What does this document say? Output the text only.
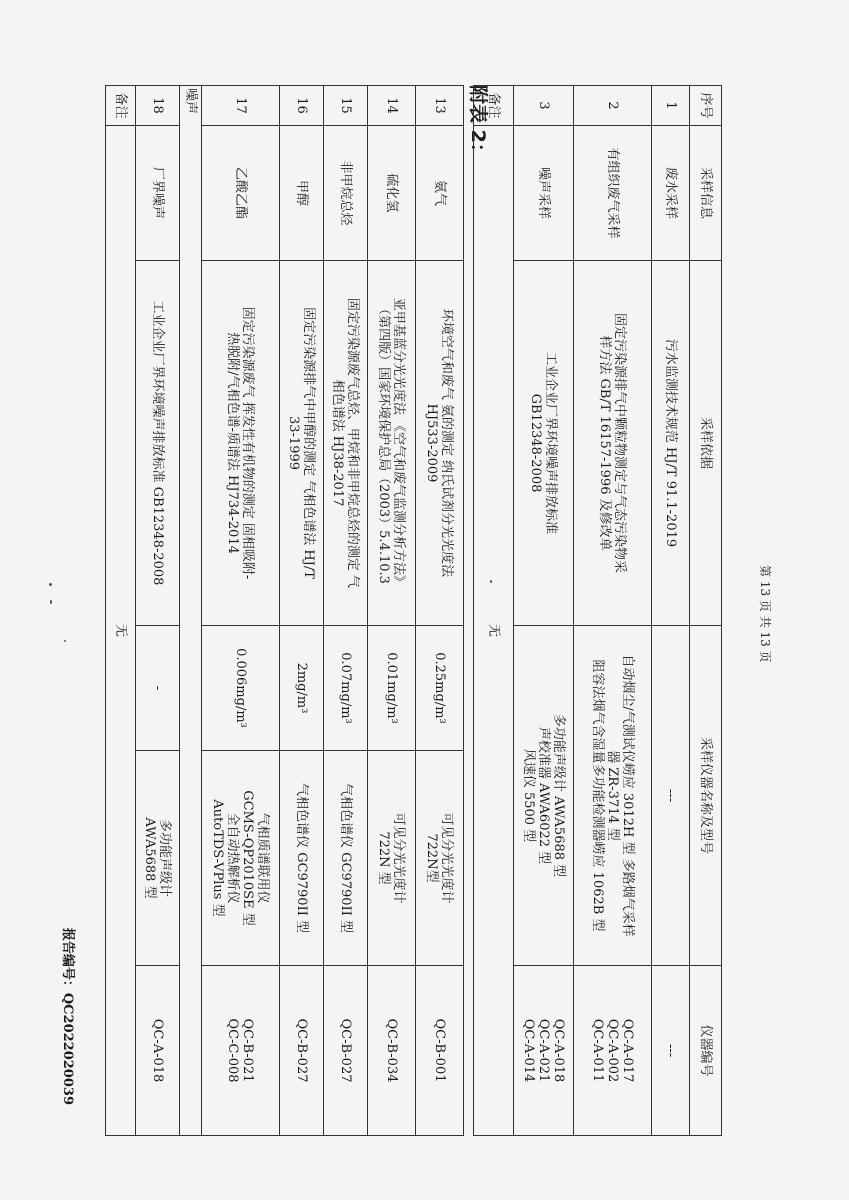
报告编号：QC2022020039
13	氨气	环境空气和废气 氨的测定 纳氏试剂分光光度法
HJ533-2009	0.25mg/m³	可见分光光度计
722N型	QC-B-001

14	硫化氢	亚甲基蓝分光光度法 《空气和废气监测分析方法》
（第四版）国家环境保护总局（2003）5.4.10.3	0.01mg/m³	可见分光光度计
722N 型	QC-B-034

15	非甲烷总烃	固定污染源废气总烃、甲烷和非甲烷总烃的测定 气
相色谱法 HJ38-2017	0.07mg/m³	气相色谱仪 GC9790II 型	QC-B-027

16	甲醇	固定污染源排气中甲醇的测定 气相色谱法 HJ/T
33-1999	2mg/m³	气相色谱仪 GC9790II 型	QC-B-027

17	乙酸乙酯	固定污染源废气 挥发性有机物的测定 固相吸附-
热脱附/气相色谱-质谱法 HJ734-2014	0.006mg/m³	气相质谱联用仪
GCMS-QP2010SE 型
全自动热解析仪
AutoTDS-VPlus 型	QC-B-021
QC-C-008

噪声					
18	厂界噪声	工业企业厂界环境噪声排放标准 GB12348-2008	-	多功能声级计
AWA5688 型	QC-A-018

备注	无				
附表 2：	序号	采样信息	采样依据	采样仪器名称及型号	仪器编号
1	废水采样	污水监测技术规范 HJ/T 91.1-2019	---	---

2	有组织废气采样	固定污染源排气中颗粒物测定与气态污染物采
样方法 GB/T 16157-1996 及修改单	自动烟尘/气测试仪崂应 3012H 型 多路烟气采样
器 ZR-3714 型
阻容法烟气含湿量多功能检测器崂应 1062B 型	QC-A-017
QC-A-002
QC-A-011

3	噪声采样	工业企业厂界环境噪声排放标准
GB12348-2008	多功能声级计 AWA5688 型
声校准器 AWA6022 型
风速仪 5500 型	QC-A-018
QC-A-021
QC-A-014

备注	无				第 13 页 共 13 页
